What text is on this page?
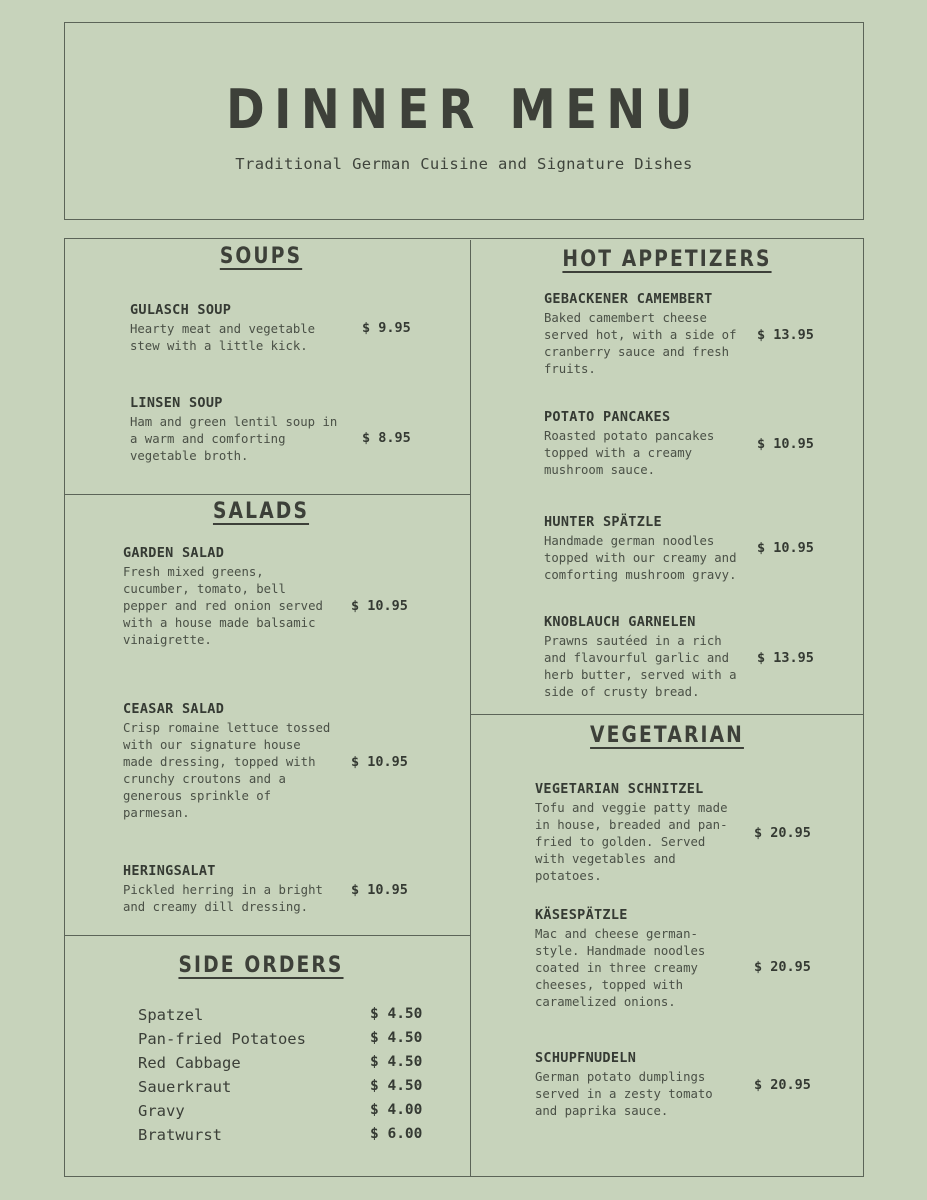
DINNER MENU
Traditional German Cuisine and Signature Dishes
SOUPS
GULASCH SOUP
Hearty meat and vegetable stew with a little kick.
$ 9.95
LINSEN SOUP
Ham and green lentil soup in a warm and comforting vegetable broth.
$ 8.95
SALADS
GARDEN SALAD
Fresh mixed greens, cucumber, tomato, bell pepper and red onion served with a house made balsamic vinaigrette.
$ 10.95
CEASAR SALAD
Crisp romaine lettuce tossed with our signature house made dressing, topped with crunchy croutons and a generous sprinkle of parmesan.
$ 10.95
HERINGSALAT
Pickled herring in a bright and creamy dill dressing.
$ 10.95
SIDE ORDERS
Spatzel	$ 4.50
Pan-fried Potatoes	$ 4.50
Red Cabbage	$ 4.50
Sauerkraut	$ 4.50
Gravy	$ 4.00
Bratwurst	$ 6.00
HOT APPETIZERS
GEBACKENER CAMEMBERT
Baked camembert cheese served hot, with a side of cranberry sauce and fresh fruits.
$ 13.95
POTATO PANCAKES
Roasted potato pancakes topped with a creamy mushroom sauce.
$ 10.95
HUNTER SPÄTZLE
Handmade german noodles topped with our creamy and comforting mushroom gravy.
$ 10.95
KNOBLAUCH GARNELEN
Prawns sautéed in a rich and flavourful garlic and herb butter, served with a side of crusty bread.
$ 13.95
VEGETARIAN
VEGETARIAN SCHNITZEL
Tofu and veggie patty made in house, breaded and pan-fried to golden. Served with vegetables and potatoes.
$ 20.95
KÄSESPÄTZLE
Mac and cheese german-style. Handmade noodles coated in three creamy cheeses, topped with caramelized onions.
$ 20.95
SCHUPFNUDELN
German potato dumplings served in a zesty tomato and paprika sauce.
$ 20.95
